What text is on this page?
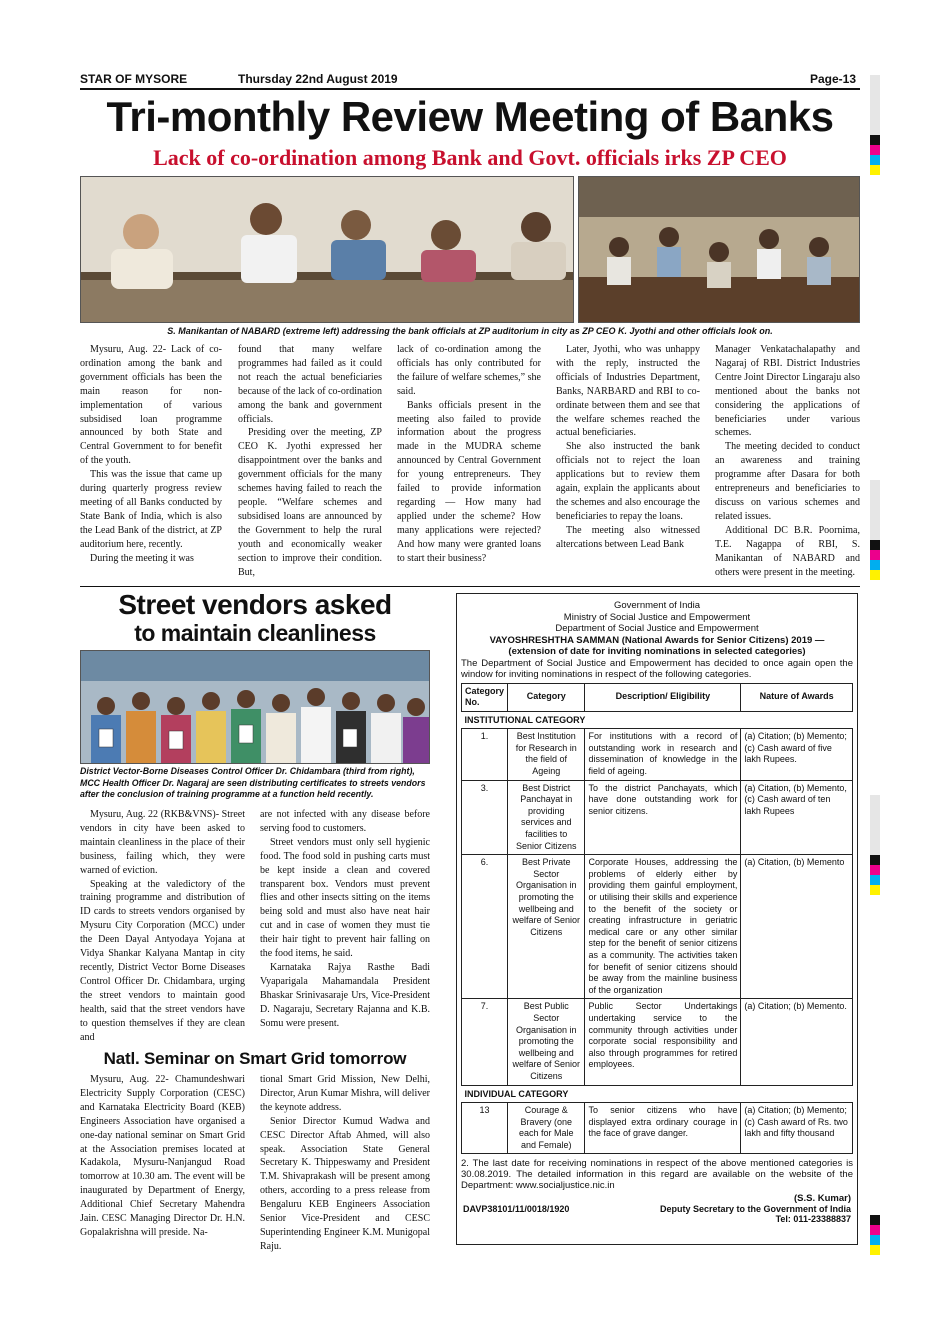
STAR OF MYSORE	Thursday 22nd August 2019	Page-13
Tri-monthly Review Meeting of Banks
Lack of co-ordination among Bank and Govt. officials irks ZP CEO
S. Manikantan of NABARD (extreme left) addressing the bank officials at ZP auditorium in city as ZP CEO K. Jyothi and other officials look on.

Mysuru, Aug. 22- Lack of co-ordination among the bank and government officials has been the main reason for non-implementation of various subsidised loan programme announced by both State and Central Government to for benefit of the youth.

This was the issue that came up during quarterly progress review meeting of all Banks conducted by State Bank of India, which is also the Lead Bank of the district, at ZP auditorium here, recently.

During the meeting it was

found that many welfare programmes had failed as it could not reach the actual beneficiaries because of the lack of co-ordination among the bank and government officials.

Presiding over the meeting, ZP CEO K. Jyothi expressed her disappointment over the banks and government officials for the many schemes having failed to reach the people. “Welfare schemes and subsidised loans are announced by the Government to help the rural youth and economically weaker section to improve their condition. But,

lack of co-ordination among the officials has only contributed for the failure of welfare schemes,” she said.

Banks officials present in the meeting also failed to provide information about the progress made in the MUDRA scheme announced by Central Government for young entrepreneurs. They failed to provide information regarding — How many had applied under the scheme? How many applications were rejected? And how many were granted loans to start their business?

Later, Jyothi, who was unhappy with the reply, instructed the officials of Industries Department, Banks, NARBARD and RBI to co-ordinate between them and see that the welfare schemes reached the actual beneficiaries.

She also instructed the bank officials not to reject the loan applications but to review them again, explain the applicants about the schemes and also encourage the beneficiaries to repay the loans.

The meeting also witnessed altercations between Lead Bank

Manager Venkatachalapathy and Nagaraj of RBI. District Industries Centre Joint Director Lingaraju also mentioned about the banks not considering the applications of beneficiaries under various schemes.

The meeting decided to conduct an awareness and training programme after Dasara for both entrepreneurs and beneficiaries to discuss on various schemes and related issues.

Additional DC B.R. Poornima, T.E. Nagappa of RBI, S. Manikantan of NABARD and others were present in the meeting.

Street vendors asked
to maintain cleanliness
District Vector-Borne Diseases Control Officer Dr. Chidambara (third from right), MCC Health Officer Dr. Nagaraj are seen distributing certificates to streets vendors after the conclusion of training programme at a function held recently.

Mysuru, Aug. 22 (RKB&VNS)- Street vendors in city have been asked to maintain cleanliness in the place of their business, failing which, they were warned of eviction.

Speaking at the valedictory of the training programme and distribution of ID cards to streets vendors organised by Mysuru City Corporation (MCC) under the Deen Dayal Antyodaya Yojana at Vidya Shankar Kalyana Mantap in city recently, District Vector Borne Diseases Control Officer Dr. Chidambara, urging the street vendors to maintain good health, said that the street vendors have to question themselves if they are clean and

are not infected with any disease before serving food to customers.

Street vendors must only sell hygienic food. The food sold in pushing carts must be kept inside a clean and covered transparent box. Vendors must prevent flies and other insects sitting on the items being sold and must also have neat hair cut and in case of women they must tie their hair tight to prevent hair falling on the food items, he said.

Karnataka Rajya Rasthe Badi Vyaparigala Mahamandala President Bhaskar Srinivasaraje Urs, Vice-President D. Nagaraju, Secretary Rajanna and K.B. Somu were present.

Natl. Seminar on Smart Grid tomorrow

Mysuru, Aug. 22- Chamundeshwari Electricity Supply Corporation (CESC) and Karnataka Electricity Board (KEB) Engineers Association have organised a one-day national seminar on Smart Grid at the Association premises located at Kadakola, Mysuru-Nanjangud Road tomorrow at 10.30 am. The event will be inaugurated by Department of Energy, Additional Chief Secretary Mahendra Jain. CESC Managing Director Dr. H.N. Gopalakrishna will preside. Na-

tional Smart Grid Mission, New Delhi, Director, Arun Kumar Mishra, will deliver the keynote address.

Senior Director Kumud Wadwa and CESC Director Aftab Ahmed, will also speak. Association State General Secretary K. Thippeswamy and President T.M. Shivaprakash will be present among others, according to a press release from Bengaluru KEB Engineers Association Senior Vice-President and CESC Superintending Engineer K.M. Munigopal Raju.

Government of India
Ministry of Social Justice and Empowerment
Department of Social Justice and Empowerment
VAYOSHRESHTHA SAMMAN (National Awards for Senior Citizens) 2019 —
(extension of date for inviting nominations in selected categories)
The Department of Social Justice and Empowerment has decided to once again open the window for inviting nominations in respect of the following categories.
Category No.	Category	Description/ Eligibility	Nature of Awards
INSTITUTIONAL CATEGORY			
1.	Best Institution for Research in the field of Ageing	For institutions with a record of outstanding work in research and dissemination of knowledge in the field of ageing.	(a) Citation; (b) Memento; (c) Cash award of five lakh Rupees.
3.	Best District Panchayat in providing services and facilities to Senior Citizens	To the district Panchayats, which have done outstanding work for senior citizens.	(a) Citation, (b) Memento, (c) Cash award of ten lakh Rupees
6.	Best Private Sector Organisation in promoting the wellbeing and welfare of Senior Citizens	Corporate Houses, addressing the problems of elderly either by providing them gainful employment, or utilising their skills and experience to the benefit of the society or creating infrastructure in geriatric medical care or any other similar step for the benefit of senior citizens as a community. The activities taken for benefit of senior citizens should be away from the mainline business of the organization	(a) Citation, (b) Memento
7.	Best Public Sector Organisation in promoting the wellbeing and welfare of Senior Citizens	Public Sector Undertakings undertaking service to the community through activities under corporate social responsibility and also through programmes for retired employees.	(a) Citation; (b) Memento.
INDIVIDUAL CATEGORY			
13	Courage & Bravery (one each for Male and Female)	To senior citizens who have displayed extra ordinary courage in the face of grave danger.	(a) Citation; (b) Memento; (c) Cash award of Rs. two lakh and fifty thousand
2. The last date for receiving nominations in respect of the above mentioned categories is 30.08.2019. The detailed information in this regard are available on the website of the Department: www.socialjustice.nic.in
(S.S. Kumar)
DAVP38101/11/0018/1920	Deputy Secretary to the Government of India
Tel: 011-23388837
